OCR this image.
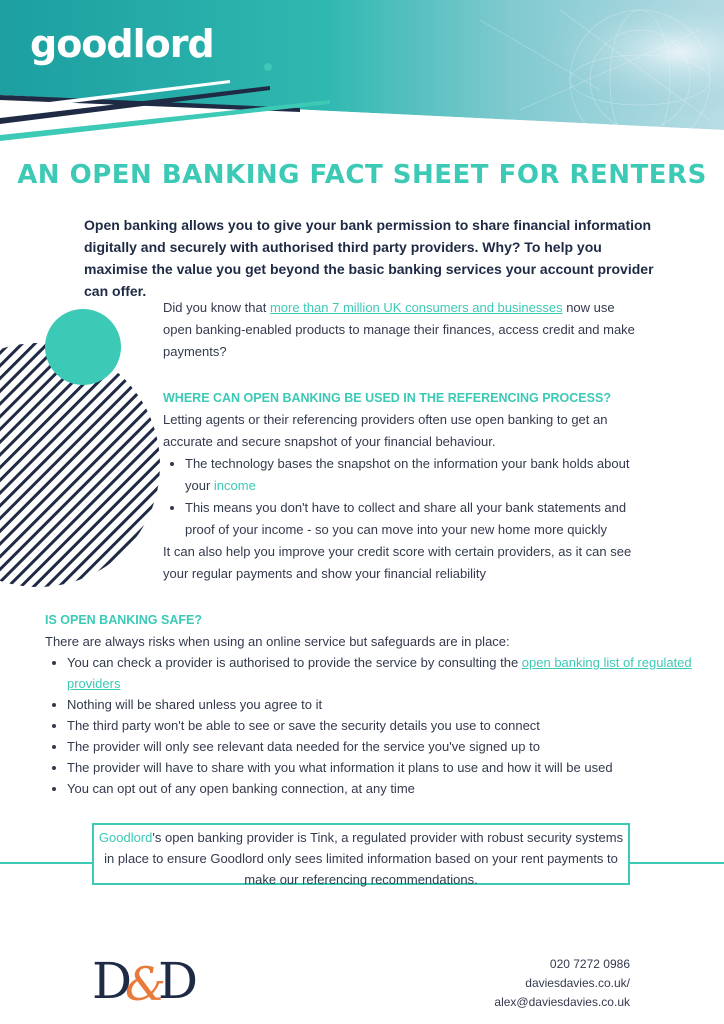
goodlord
AN OPEN BANKING FACT SHEET FOR RENTERS

Open banking allows you to give your bank permission to share financial information digitally and securely with authorised third party providers. Why? To help you maximise the value you get beyond the basic banking services your account provider can offer.

Did you know that more than 7 million UK consumers and businesses now use open banking-enabled products to manage their finances, access credit and make payments?

WHERE CAN OPEN BANKING BE USED IN THE REFERENCING PROCESS?

Letting agents or their referencing providers often use open banking to get an accurate and secure snapshot of your financial behaviour.

• The technology bases the snapshot on the information your bank holds about your income
• This means you don't have to collect and share all your bank statements and proof of your income - so you can move into your new home more quickly

It can also help you improve your credit score with certain providers, as it can see your regular payments and show your financial reliability

IS OPEN BANKING SAFE?

There are always risks when using an online service but safeguards are in place:

• You can check a provider is authorised to provide the service by consulting the open banking list of regulated providers
• Nothing will be shared unless you agree to it
• The third party won't be able to see or save the security details you use to connect
• The provider will only see relevant data needed for the service you've signed up to
• The provider will have to share with you what information it plans to use and how it will be used
• You can opt out of any open banking connection, at any time
Goodlord's open banking provider is Tink, a regulated provider with robust security systems in place to ensure Goodlord only sees limited information based on your rent payments to make our referencing recommendations.
D
&
D	020 7272 0986
daviesdavies.co.uk/
alex@daviesdavies.co.uk
